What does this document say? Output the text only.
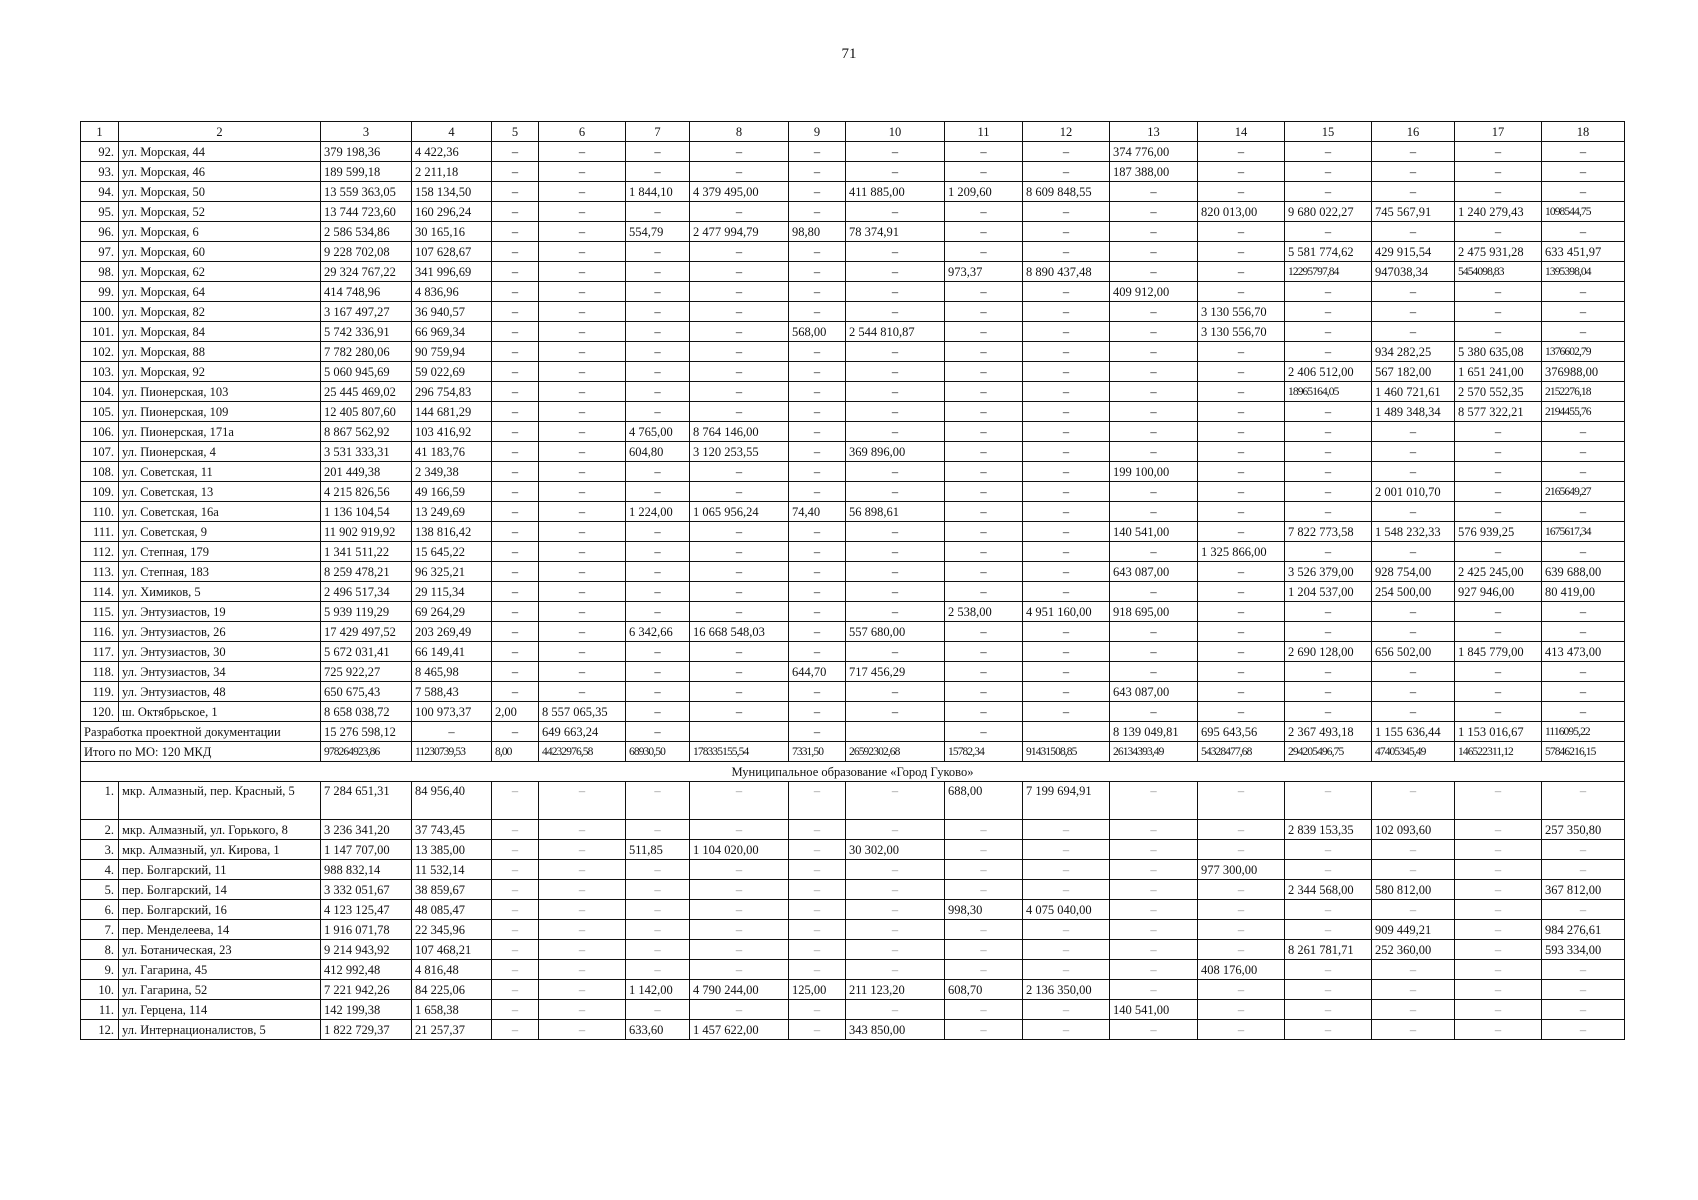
71
1	2	3	4	5	6	7	8	9	10	11	12	13	14	15	16	17	18
92.	ул. Морская, 44	379 198,36	4 422,36	–	–	–	–	–	–	–	–	374 776,00	–	–	–	–	–
93.	ул. Морская, 46	189 599,18	2 211,18	–	–	–	–	–	–	–	–	187 388,00	–	–	–	–	–
94.	ул. Морская, 50	13 559 363,05	158 134,50	–	–	1 844,10	4 379 495,00	–	411 885,00	1 209,60	8 609 848,55	–	–	–	–	–	–
95.	ул. Морская, 52	13 744 723,60	160 296,24	–	–	–	–	–	–	–	–	–	820 013,00	9 680 022,27	745 567,91	1 240 279,43	1098544,75
96.	ул. Морская, 6	2 586 534,86	30 165,16	–	–	554,79	2 477 994,79	98,80	78 374,91	–	–	–	–	–	–	–	–
97.	ул. Морская, 60	9 228 702,08	107 628,67	–	–	–	–	–	–	–	–	–	–	5 581 774,62	429 915,54	2 475 931,28	633 451,97
98.	ул. Морская, 62	29 324 767,22	341 996,69	–	–	–	–	–	–	973,37	8 890 437,48	–	–	12295797,84	947038,34	5454098,83	1395398,04
99.	ул. Морская, 64	414 748,96	4 836,96	–	–	–	–	–	–	–	–	409 912,00	–	–	–	–	–
100.	ул. Морская, 82	3 167 497,27	36 940,57	–	–	–	–	–	–	–	–	–	3 130 556,70	–	–	–	–
101.	ул. Морская, 84	5 742 336,91	66 969,34	–	–	–	–	568,00	2 544 810,87	–	–	–	3 130 556,70	–	–	–	–
102.	ул. Морская, 88	7 782 280,06	90 759,94	–	–	–	–	–	–	–	–	–	–	–	934 282,25	5 380 635,08	1376602,79
103.	ул. Морская, 92	5 060 945,69	59 022,69	–	–	–	–	–	–	–	–	–	–	2 406 512,00	567 182,00	1 651 241,00	376988,00
104.	ул. Пионерская, 103	25 445 469,02	296 754,83	–	–	–	–	–	–	–	–	–	–	18965164,05	1 460 721,61	2 570 552,35	2152276,18
105.	ул. Пионерская, 109	12 405 807,60	144 681,29	–	–	–	–	–	–	–	–	–	–	–	1 489 348,34	8 577 322,21	2194455,76
106.	ул. Пионерская, 171а	8 867 562,92	103 416,92	–	–	4 765,00	8 764 146,00	–	–	–	–	–	–	–	–	–	–
107.	ул. Пионерская, 4	3 531 333,31	41 183,76	–	–	604,80	3 120 253,55	–	369 896,00	–	–	–	–	–	–	–	–
108.	ул. Советская, 11	201 449,38	2 349,38	–	–	–	–	–	–	–	–	199 100,00	–	–	–	–	–
109.	ул. Советская, 13	4 215 826,56	49 166,59	–	–	–	–	–	–	–	–	–	–	–	2 001 010,70	–	2165649,27
110.	ул. Советская, 16а	1 136 104,54	13 249,69	–	–	1 224,00	1 065 956,24	74,40	56 898,61	–	–	–	–	–	–	–	–
111.	ул. Советская, 9	11 902 919,92	138 816,42	–	–	–	–	–	–	–	–	140 541,00	–	7 822 773,58	1 548 232,33	576 939,25	1675617,34
112.	ул. Степная, 179	1 341 511,22	15 645,22	–	–	–	–	–	–	–	–	–	1 325 866,00	–	–	–	–
113.	ул. Степная, 183	8 259 478,21	96 325,21	–	–	–	–	–	–	–	–	643 087,00	–	3 526 379,00	928 754,00	2 425 245,00	639 688,00
114.	ул. Химиков, 5	2 496 517,34	29 115,34	–	–	–	–	–	–	–	–	–	–	1 204 537,00	254 500,00	927 946,00	80 419,00
115.	ул. Энтузиастов, 19	5 939 119,29	69 264,29	–	–	–	–	–	–	2 538,00	4 951 160,00	918 695,00	–	–	–	–	–
116.	ул. Энтузиастов, 26	17 429 497,52	203 269,49	–	–	6 342,66	16 668 548,03	–	557 680,00	–	–	–	–	–	–	–	–
117.	ул. Энтузиастов, 30	5 672 031,41	66 149,41	–	–	–	–	–	–	–	–	–	–	2 690 128,00	656 502,00	1 845 779,00	413 473,00
118.	ул. Энтузиастов, 34	725 922,27	8 465,98	–	–	–	–	644,70	717 456,29	–	–	–	–	–	–	–	–
119.	ул. Энтузиастов, 48	650 675,43	7 588,43	–	–	–	–	–	–	–	–	643 087,00	–	–	–	–	–
120.	ш. Октябрьское, 1	8 658 038,72	100 973,37	2,00	8 557 065,35	–	–	–	–	–	–	–	–	–	–	–	–
Разработка проектной документации		15 276 598,12	–	–	649 663,24	–		–		–		8 139 049,81	695 643,56	2 367 493,18	1 155 636,44	1 153 016,67	1116095,22
Итого по МО: 120 МКД		978264923,86	11230739,53	8,00	44232976,58	68930,50	178335155,54	7331,50	26592302,68	15782,34	91431508,85	26134393,49	54328477,68	294205496,75	47405345,49	146522311,12	57846216,15
Муниципальное образование «Город Гуково»																	
1.	мкр. Алмазный, пер. Красный, 5	7 284 651,31	84 956,40	–	–	–	–	–	–	688,00	7 199 694,91	–	–	–	–	–	–
2.	мкр. Алмазный, ул. Горького, 8	3 236 341,20	37 743,45	–	–	–	–	–	–	–	–	–	–	2 839 153,35	102 093,60	–	257 350,80
3.	мкр. Алмазный, ул. Кирова, 1	1 147 707,00	13 385,00	–	–	511,85	1 104 020,00	–	30 302,00	–	–	–	–	–	–	–	–
4.	пер. Болгарский, 11	988 832,14	11 532,14	–	–	–	–	–	–	–	–	–	977 300,00	–	–	–	–
5.	пер. Болгарский, 14	3 332 051,67	38 859,67	–	–	–	–	–	–	–	–	–	–	2 344 568,00	580 812,00	–	367 812,00
6.	пер. Болгарский, 16	4 123 125,47	48 085,47	–	–	–	–	–	–	998,30	4 075 040,00	–	–	–	–	–	–
7.	пер. Менделеева, 14	1 916 071,78	22 345,96	–	–	–	–	–	–	–	–	–	–	–	909 449,21	–	984 276,61
8.	ул. Ботаническая, 23	9 214 943,92	107 468,21	–	–	–	–	–	–	–	–	–	–	8 261 781,71	252 360,00	–	593 334,00
9.	ул. Гагарина, 45	412 992,48	4 816,48	–	–	–	–	–	–	–	–	–	408 176,00	–	–	–	–
10.	ул. Гагарина, 52	7 221 942,26	84 225,06	–	–	1 142,00	4 790 244,00	125,00	211 123,20	608,70	2 136 350,00	–	–	–	–	–	–
11.	ул. Герцена, 114	142 199,38	1 658,38	–	–	–	–	–	–	–	–	140 541,00	–	–	–	–	–
12.	ул. Интернационалистов, 5	1 822 729,37	21 257,37	–	–	633,60	1 457 622,00	–	343 850,00	–	–	–	–	–	–	–	–
